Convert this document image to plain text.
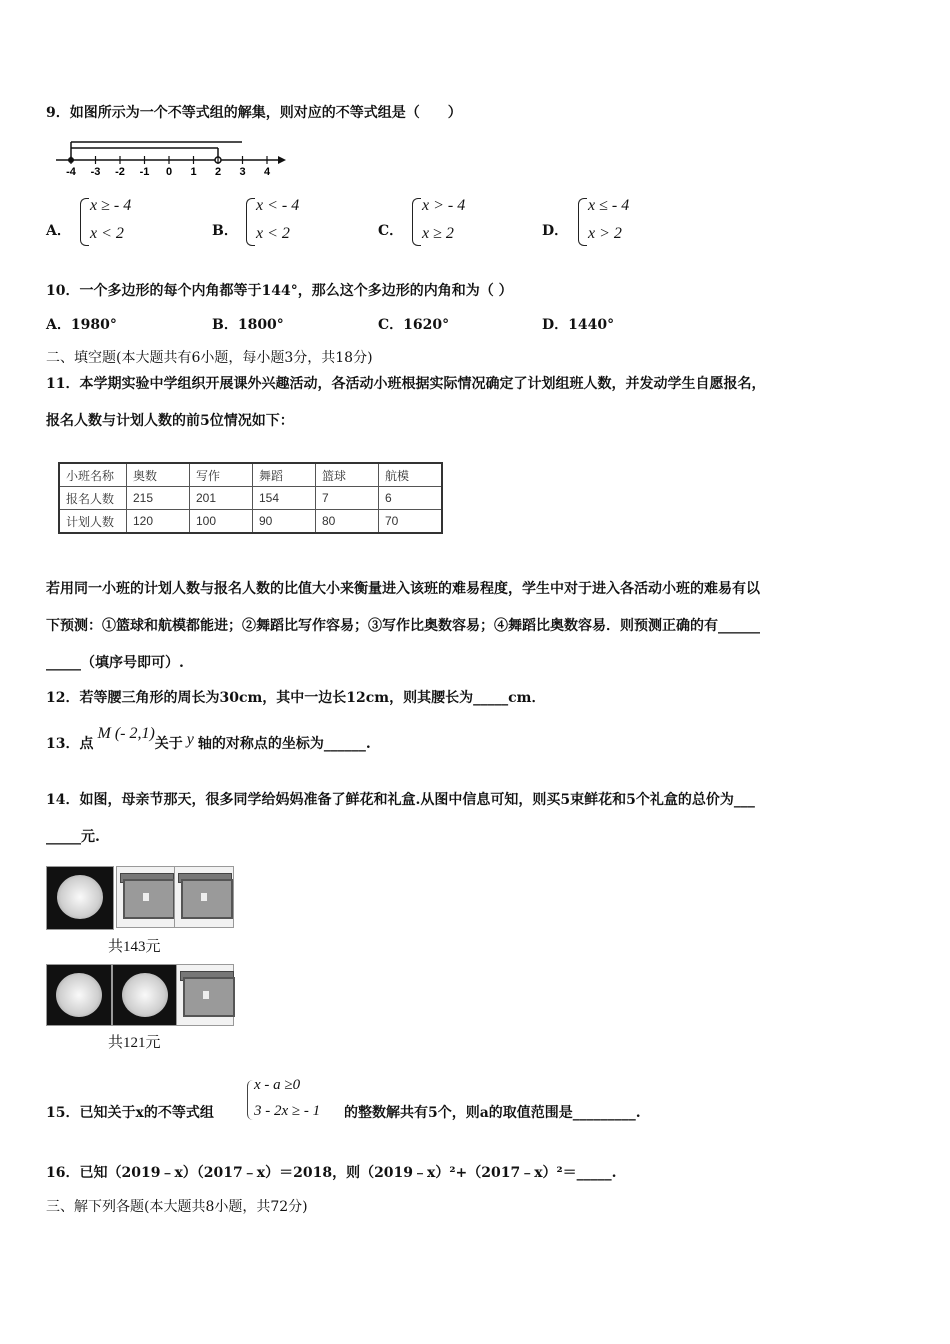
9．如图所示为一个不等式组的解集，则对应的不等式组是（　　）
-4 -3 -2 -1 0 1 2 3 4
A．
x ≥ - 4
x < 2	B．
x < - 4
x < 2	C．
x > - 4
x ≥ 2	D．
x ≤ - 4
x > 2
10．一个多边形的每个内角都等于144°，那么这个多边形的内角和为（ ）
A．1980°	B．1800°	C．1620°	D．1440°
二、填空题(本大题共有6小题，每小题3分，共18分)
11．本学期实验中学组织开展课外兴趣活动，各活动小班根据实际情况确定了计划组班人数，并发动学生自愿报名，
报名人数与计划人数的前5位情况如下：
小班名称	奥数	写作	舞蹈	篮球	航模
报名人数	215	201	154	7	6
计划人数	120	100	90	80	70
若用同一小班的计划人数与报名人数的比值大小来衡量进入该班的难易程度，学生中对于进入各活动小班的难易有以
下预测：①篮球和航模都能进；②舞蹈比写作容易；③写作比奥数容易；④舞蹈比奥数容易．则预测正确的有______
_____（填序号即可）.
12．若等腰三角形的周长为30cm，其中一边长12cm，则其腰长为_____cm．
13．点M (- 2,1)关于 y 轴的对称点的坐标为______.
14．如图，母亲节那天，很多同学给妈妈准备了鲜花和礼盒.从图中信息可知，则买5束鲜花和5个礼盒的总价为___
_____元.
共143元
共121元
15．已知关于x的不等式组
x - a ≥0
3 - 2x ≥ - 1 的整数解共有5个，则a的取值范围是_________.
16．已知（2019﹣x）（2017﹣x）＝2018，则（2019﹣x）²+（2017﹣x）²＝_____.
三、解下列各题(本大题共8小题，共72分)
